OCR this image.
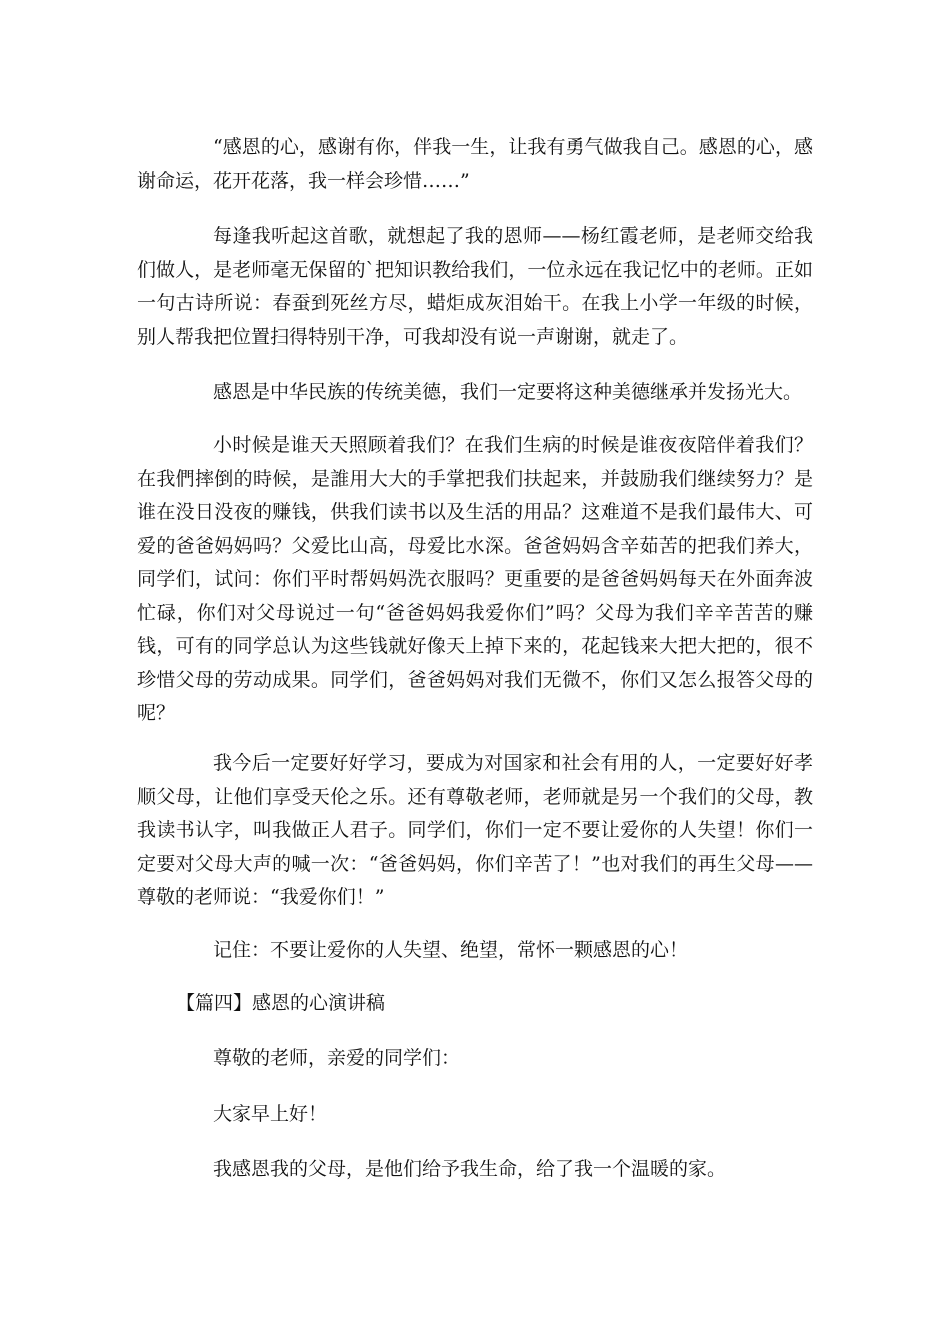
“感恩的心，感谢有你，伴我一生，让我有勇气做我自己。感恩的心，感谢命运，花开花落，我一样会珍惜……”

每逢我听起这首歌，就想起了我的恩师——杨红霞老师，是老师交给我们做人，是老师毫无保留的`把知识教给我们，一位永远在我记忆中的老师。正如一句古诗所说：春蚕到死丝方尽，蜡炬成灰泪始干。在我上小学一年级的时候，别人帮我把位置扫得特别干净，可我却没有说一声谢谢，就走了。

感恩是中华民族的传统美德，我们一定要将这种美德继承并发扬光大。

小时候是谁天天照顾着我们？在我们生病的时候是谁夜夜陪伴着我们？在我們摔倒的時候，是誰用大大的手掌把我们扶起来，并鼓励我们继续努力？是谁在没日没夜的赚钱，供我们读书以及生活的用品？这难道不是我们最伟大、可爱的爸爸妈妈吗？父爱比山高，母爱比水深。爸爸妈妈含辛茹苦的把我们养大，同学们，试问：你们平时帮妈妈洗衣服吗？更重要的是爸爸妈妈每天在外面奔波忙碌，你们对父母说过一句“爸爸妈妈我爱你们”吗？父母为我们辛辛苦苦的赚钱，可有的同学总认为这些钱就好像天上掉下来的，花起钱来大把大把的，很不珍惜父母的劳动成果。同学们，爸爸妈妈对我们无微不，你们又怎么报答父母的呢？

我今后一定要好好学习，要成为对国家和社会有用的人，一定要好好孝顺父母，让他们享受天伦之乐。还有尊敬老师，老师就是另一个我们的父母，教我读书认字，叫我做正人君子。同学们，你们一定不要让爱你的人失望！你们一定要对父母大声的喊一次：“爸爸妈妈，你们辛苦了！”也对我们的再生父母——尊敬的老师说：“我爱你们！”

记住：不要让爱你的人失望、绝望，常怀一颗感恩的心！

【篇四】感恩的心演讲稿

尊敬的老师，亲爱的同学们：

大家早上好！

我感恩我的父母，是他们给予我生命，给了我一个温暖的家。
